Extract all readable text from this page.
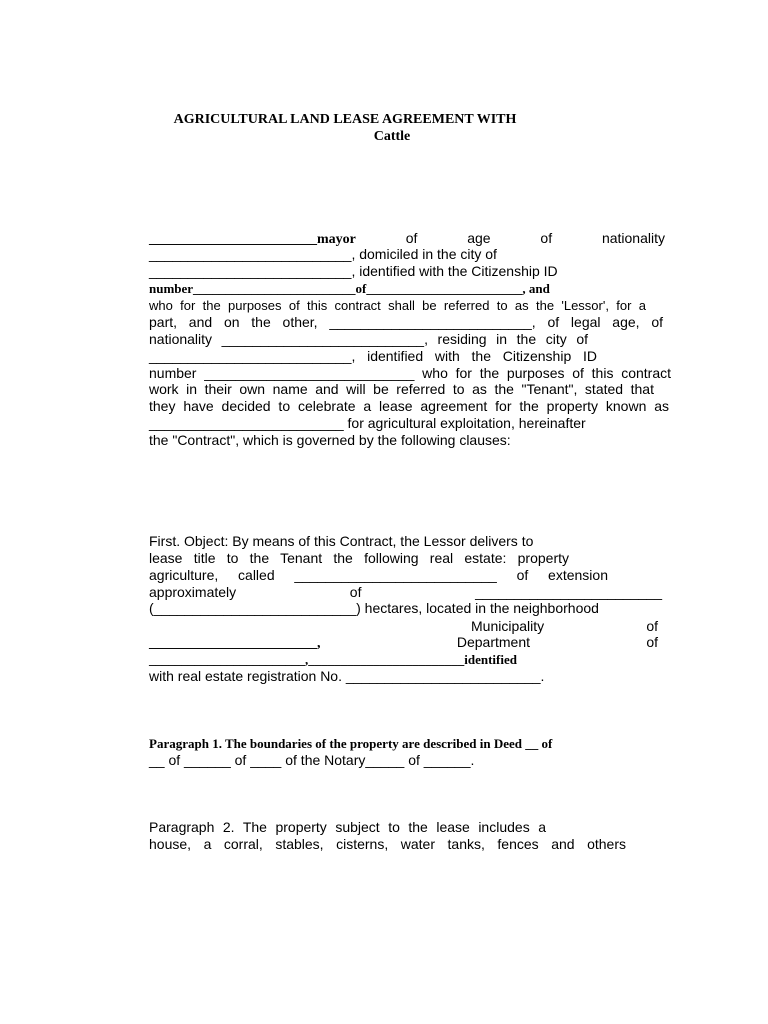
AGRICULTURAL LAND LEASE AGREEMENT WITH
Cattle
________________________mayor    of    age    of    nationality
__________________________, domiciled in the city of
__________________________, identified with the Citizenship ID
number_________________________of________________________, and
who for the purposes of this contract shall be referred to as the 'Lessor', for a
part, and on the other, __________________________, of legal age, of
nationality __________________________, residing in the city of
__________________________, identified with the Citizenship ID
number ___________________________ who for the purposes of this contract
work in their own name and will be referred to as the "Tenant", stated that
they have decided to celebrate a lease agreement for the property known as
_________________________ for agricultural exploitation, hereinafter
the "Contract", which is governed by the following clauses:
First. Object: By means of this Contract, the Lessor delivers to
lease title to the Tenant the following real estate: property
agriculture, called __________________________ of extension
approximately of ________________________
(__________________________) hectares, located in the neighborhood
Municipality of
________________________,                                  Department                             of
________________________,________________________identified
with real estate registration No. _________________________.
Paragraph 1. The boundaries of the property are described in Deed __ of
__ of ______ of ____ of the Notary_____ of ______.
Paragraph 2. The property subject to the lease includes a
house, a corral, stables, cisterns, water tanks, fences and others
